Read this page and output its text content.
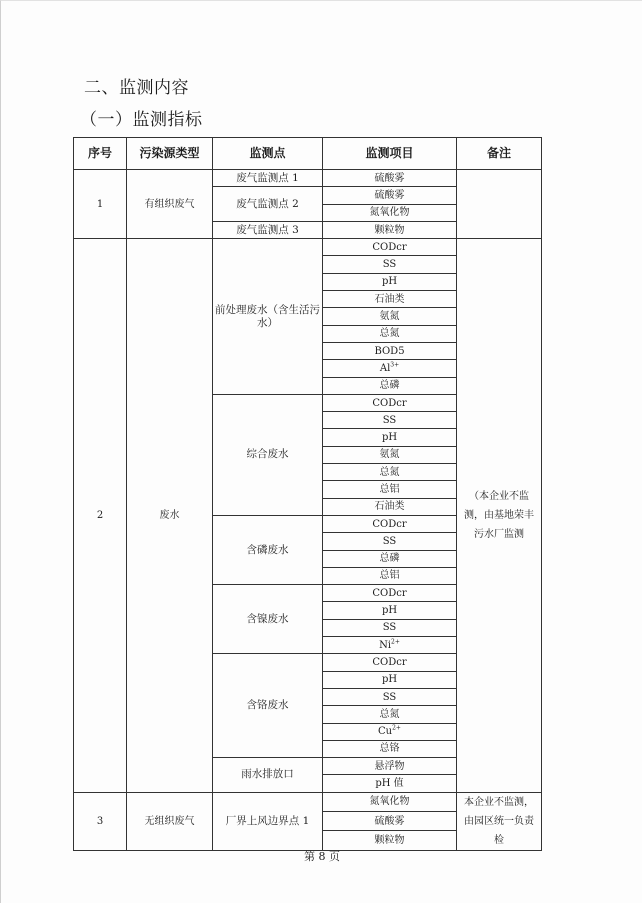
二、监测内容
（一）监测指标
序号	污染源类型	监测点	监测项目	备注
1	有组织废气	废气监测点 1	硫酸雾	
		废气监测点 2	硫酸雾	
			氮氧化物	
		废气监测点 3	颗粒物	
2	废水	前处理废水（含生活污水）	CODcr	（本企业不监测，由基地荣丰污水厂监测
			SS	
			pH	
			石油类	
			氨氮	
			总氮	
			BOD5	
			$Al^{3+}$
			总磷	
		综合废水	CODcr	
			SS	
			pH	
			氨氮	
			总氮	
			总铝	
			石油类	
		含磷废水	CODcr	
			SS	
			总磷	
			总铝	
		含镍废水	CODcr	
			pH	
			SS	
			$Ni^{2+}$
		含铬废水	CODcr	
			pH	
			SS	
			总氮	
			$Cu^{2+}$
			总铬	
		雨水排放口	悬浮物	
			pH 值	
3	无组织废气	厂界上风边界点 1	氮氧化物	本企业不监测，由园区统一负责检
			硫酸雾	
			颗粒物	
第 8 页
